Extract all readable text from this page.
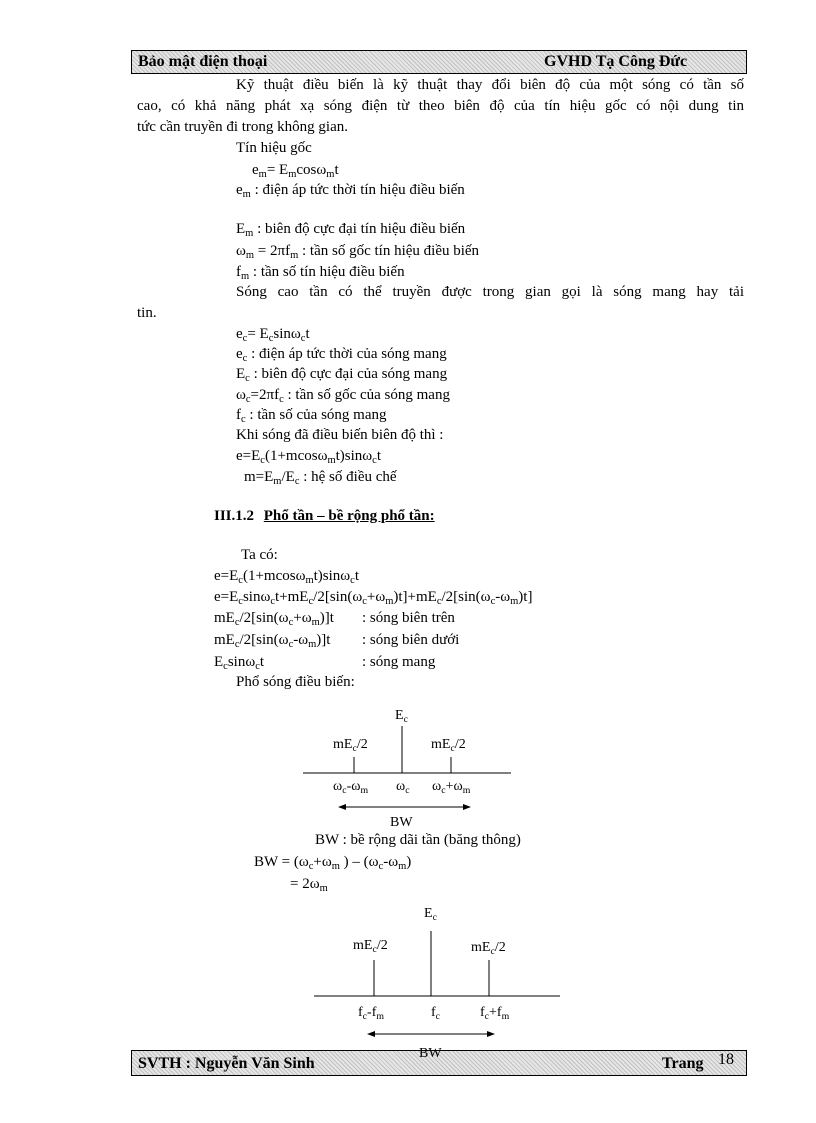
Bảo mật điện thoại	GVHD Tạ Công Đức
Kỹ thuật điều biến là kỹ thuật thay đổi biên độ của một sóng có tần số
cao, có khả năng phát xạ sóng điện từ theo biên độ của tín hiệu gốc có nội dung tin
tức cần truyền đi trong không gian.
Tín hiệu gốc
$e_m= E_m\cos\omega_mt$
$e_m$ : điện áp tức thời tín hiệu điều biến
$E_m$ : biên độ cực đại tín hiệu điều biến
$\omega_m = 2\pi f_m$ : tần số gốc tín hiệu điều biến
$f_m$ : tần số tín hiệu điều biến
Sóng cao tần có thể truyền được trong gian gọi là sóng mang hay tải
tin.
$e_c= E_c\sin\omega_ct$
$e_c$ : điện áp tức thời của sóng mang
$E_c$ : biên độ cực đại của sóng mang
$\omega_c=2\pi f_c$ : tần số gốc của sóng mang
$f_c$ : tần số của sóng mang
Khi sóng đã điều biến biên độ thì :
$e=E_c(1+mcos\omega_mt)\sin\omega_ct$
$m=E_m/E_c$ : hệ số điều chế
III.1.2 Phổ tần – bề rộng phổ tần:
Ta có:
$e=E_c(1+mcos\omega_mt)\sin\omega_ct$
$e=E_c\sin\omega_ct+mE_c/2[\sin(\omega_c+\omega_m)t]+mE_c/2[\sin(\omega_c-\omega_m)t]$
$mE_c/2[\sin(\omega_c+\omega_m)]t$ : sóng biên trên
$mE_c/2[\sin(\omega_c-\omega_m)]t$ : sóng biên dưới
$E_c\sin\omega_ct$	: sóng mang
Phổ sóng điều biến:
$E_c$
$mE_c/2$	$mE_c/2$
$\omega_c-\omega_m$ $\omega_c$ $\omega_c+\omega_m$
BW
BW : bề rộng dãi tần (băng thông)
BW = ($\omega_c+\omega_m$ ) – $(\omega_c-\omega_m)$
= $2\omega_m$
$E_c$
$mE_c/2$	$mE_c/2$
$f_c-f_m$	$f_c$	$f_c+f_m$
SVTH : Nguyễn Văn Sinh	Trang 18
BW
